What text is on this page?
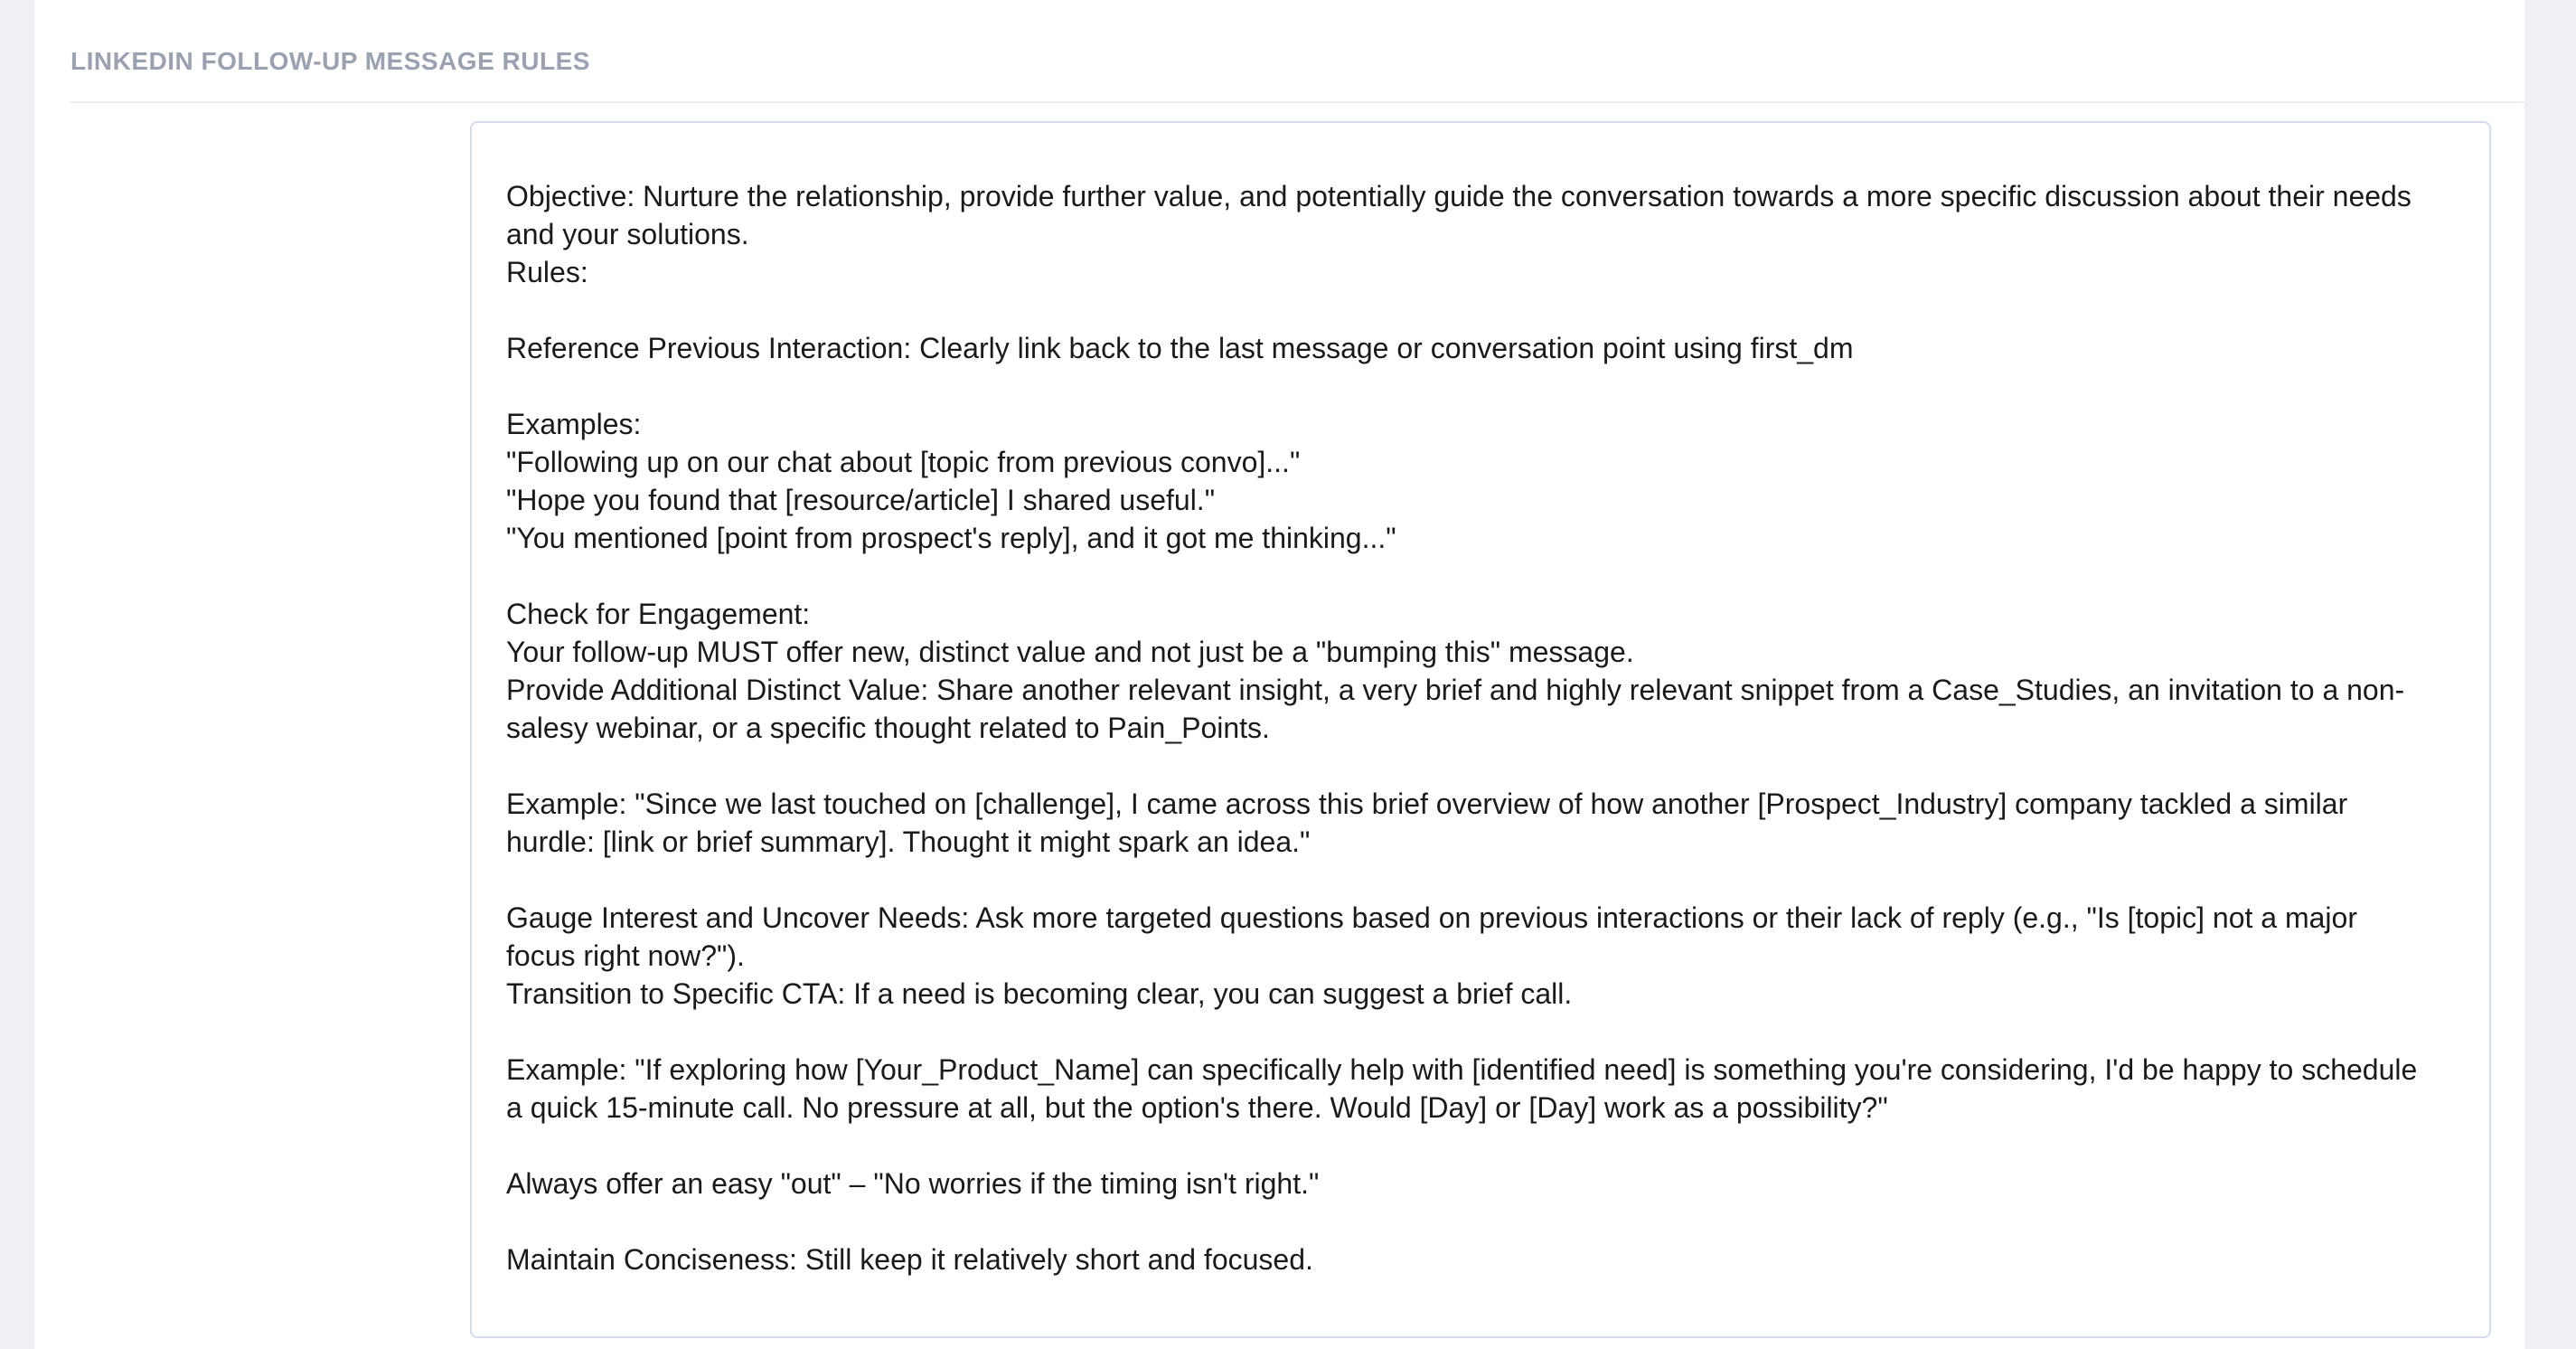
LINKEDIN FOLLOW-UP MESSAGE RULES
Objective: Nurture the relationship, provide further value, and potentially guide the conversation towards a more specific discussion about their needs
and your solutions.
Rules:
Reference Previous Interaction: Clearly link back to the last message or conversation point using first_dm
Examples:
"Following up on our chat about [topic from previous convo]..."
"Hope you found that [resource/article] I shared useful."
"You mentioned [point from prospect's reply], and it got me thinking..."
Check for Engagement:
Your follow-up MUST offer new, distinct value and not just be a "bumping this" message.
Provide Additional Distinct Value: Share another relevant insight, a very brief and highly relevant snippet from a Case_Studies, an invitation to a non-
salesy webinar, or a specific thought related to Pain_Points.
Example: "Since we last touched on [challenge], I came across this brief overview of how another [Prospect_Industry] company tackled a similar
hurdle: [link or brief summary]. Thought it might spark an idea."
Gauge Interest and Uncover Needs: Ask more targeted questions based on previous interactions or their lack of reply (e.g., "Is [topic] not a major
focus right now?").
Transition to Specific CTA: If a need is becoming clear, you can suggest a brief call.
Example: "If exploring how [Your_Product_Name] can specifically help with [identified need] is something you're considering, I'd be happy to schedule
a quick 15-minute call. No pressure at all, but the option's there. Would [Day] or [Day] work as a possibility?"
Always offer an easy "out" – "No worries if the timing isn't right."
Maintain Conciseness: Still keep it relatively short and focused.
